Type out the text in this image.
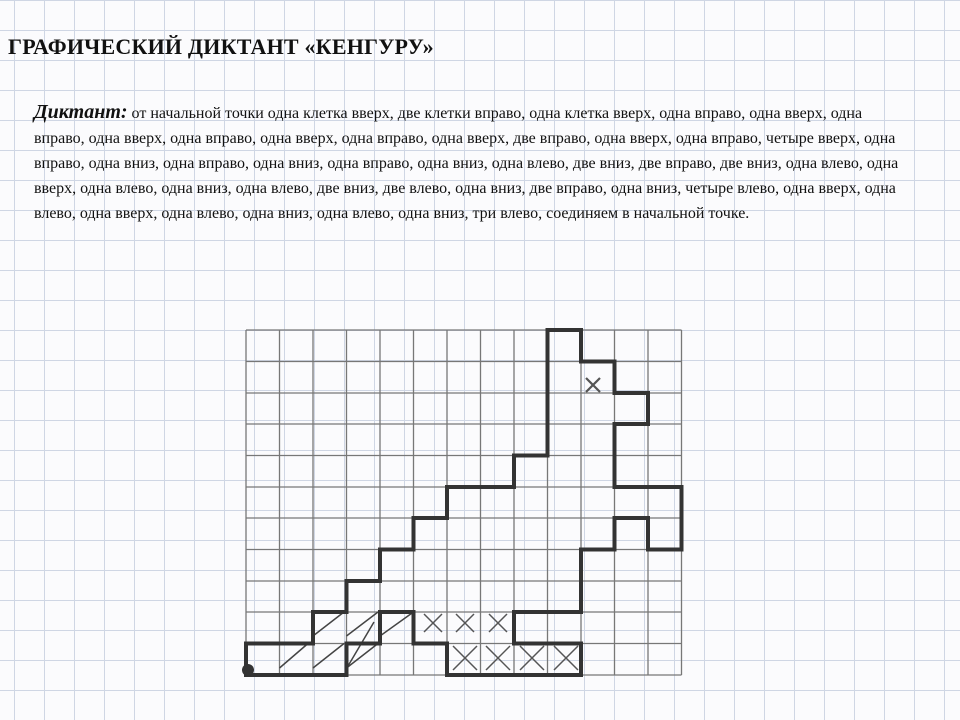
ГРАФИЧЕСКИЙ ДИКТАНТ «КЕНГУРУ»
Диктант: от начальной точки одна клетка вверх, две клетки вправо, одна клетка вверх, одна вправо, одна вверх, одна вправо, одна вверх, одна вправо, одна вверх, одна вправо, одна вверх, две вправо, одна вверх, одна вправо, четыре вверх, одна вправо, одна вниз, одна вправо, одна вниз, одна вправо, одна вниз, одна влево, две вниз, две вправо, две вниз, одна влево, одна вверх, одна влево, одна вниз, одна влево, две вниз, две влево, одна вниз, две вправо, одна вниз, четыре влево, одна вверх, одна влево, одна вверх, одна влево, одна вниз, одна влево, одна вниз, три влево, соединяем в начальной точке.
